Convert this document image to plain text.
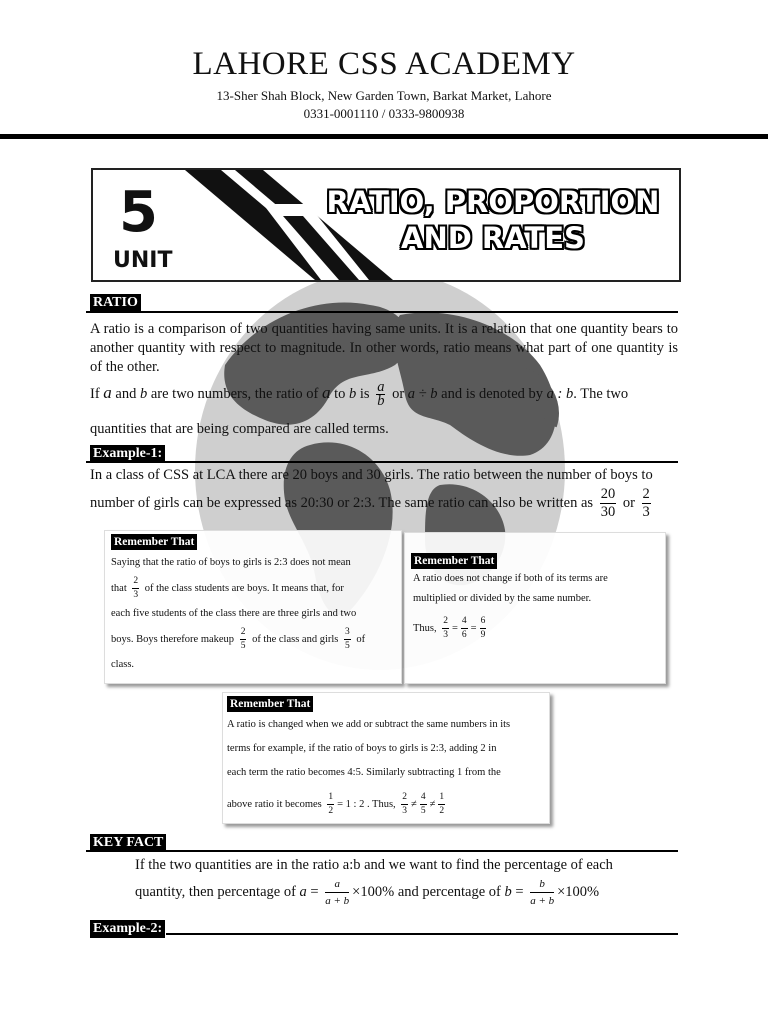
LAHORE CSS ACADEMY
13-Sher Shah Block, New Garden Town, Barkat Market, Lahore
0331-0001110 / 0333-9800938
5
UNIT
RATIO, PROPORTION
AND RATES
RATIO
A ratio is a comparison of two quantities having same units. It is a relation that one quantity bears to another quantity with respect to magnitude. In other words, ratio means what part of one quantity is of the other.
If a and b are two numbers, the ratio of a to b is $\frac{a}{b}$ or a ÷ b and is denoted by a : b. The two
quantities that are being compared are called terms.
Example-1:
In a class of CSS at LCA there are 20 boys and 30 girls. The ratio between the number of boys to
number of girls can be expressed as 20:30 or 2:3. The same ratio can also be written as $\frac{20}{30}$ or $\frac{2}{3}$
Remember That
Saying that the ratio of boys to girls is 2:3 does not mean
that $\frac{2}{3}$ of the class students are boys. It means that, for
each five students of the class there are three girls and two
boys. Boys therefore makeup $\frac{2}{5}$ of the class and girls $\frac{3}{5}$ of
class.
Remember That
A ratio does not change if both of its terms are
multiplied or divided by the same number.
Thus, $\frac{2}{3} = \frac{4}{6} = \frac{6}{9}$
Remember That
A ratio is changed when we add or subtract the same numbers in its
terms for example, if the ratio of boys to girls is 2:3, adding 2 in
each term the ratio becomes 4:5. Similarly subtracting 1 from the
above ratio it becomes $\frac{1}{2} = 1$ : 2 . Thus, $\frac{2}{3} \ne \frac{4}{5} \ne \frac{1}{2}$
KEY FACT
If the two quantities are in the ratio a:b and we want to find the percentage of each
quantity, then percentage of $a = \frac{a}{a + b} \times 100\%$ and percentage of $b = \frac{b}{a + b} \times 100\%$
Example-2:
